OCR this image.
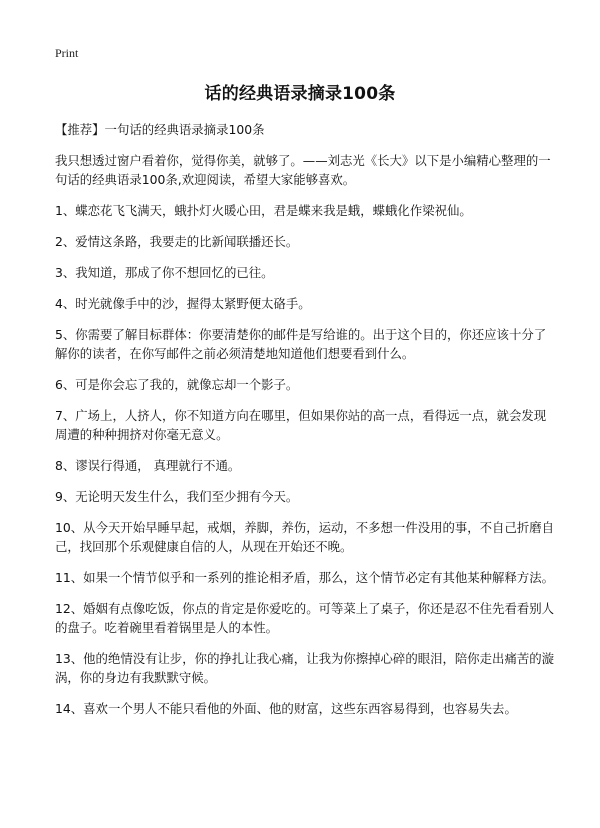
Print
话的经典语录摘录100条

【推荐】一句话的经典语录摘录100条

我只想透过窗户看着你，觉得你美，就够了。——刘志光《长大》以下是小编精心整理的一句话的经典语录100条,欢迎阅读，希望大家能够喜欢。

1、蝶恋花飞飞满天，蛾扑灯火暖心田，君是蝶来我是蛾，蝶蛾化作梁祝仙。

2、爱情这条路，我要走的比新闻联播还长。

3、我知道，那成了你不想回忆的已往。

4、时光就像手中的沙，握得太紧野便太硌手。

5、你需要了解目标群体：你要清楚你的邮件是写给谁的。出于这个目的，你还应该十分了解你的读者，在你写邮件之前必须清楚地知道他们想要看到什么。

6、可是你会忘了我的，就像忘却一个影子。

7、广场上，人挤人，你不知道方向在哪里，但如果你站的高一点，看得远一点，就会发现周遭的种种拥挤对你毫无意义。

8、谬误行得通， 真理就行不通。

9、无论明天发生什么，我们至少拥有今天。

10、从今天开始早睡早起，戒烟，养脚，养伤，运动，不多想一件没用的事，不自己折磨自己，找回那个乐观健康自信的人，从现在开始还不晚。

11、如果一个情节似乎和一系列的推论相矛盾，那么，这个情节必定有其他某种解释方法。

12、婚姻有点像吃饭，你点的肯定是你爱吃的。可等菜上了桌子，你还是忍不住先看看别人的盘子。吃着碗里看着锅里是人的本性。

13、他的绝情没有让步，你的挣扎让我心痛，让我为你擦掉心碎的眼泪，陪你走出痛苦的漩涡，你的身边有我默默守候。

14、喜欢一个男人不能只看他的外面、他的财富，这些东西容易得到，也容易失去。
